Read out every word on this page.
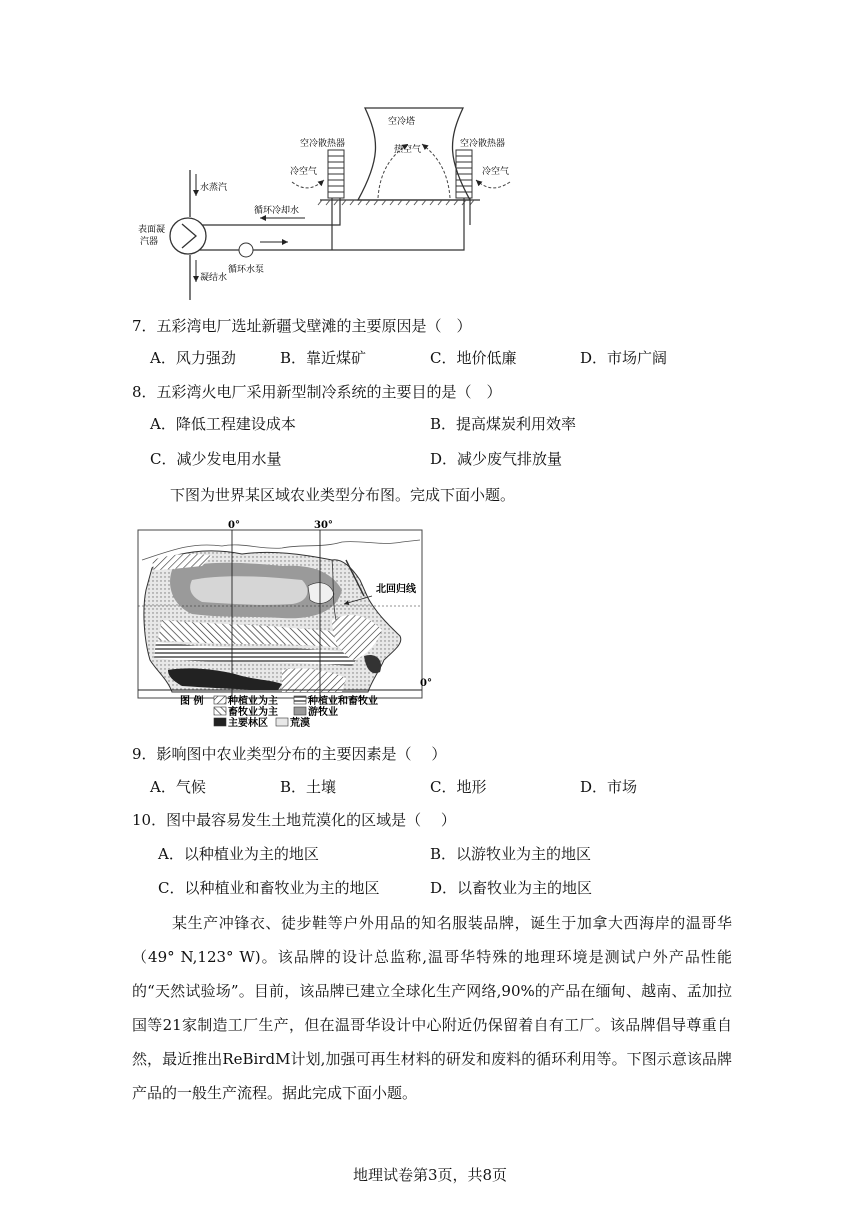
空冷塔
热空气
空冷散热器	空冷散热器
冷空气	冷空气
循环冷却水
循环水泵
表面凝
汽器
水蒸汽
凝结水
7．五彩湾电厂选址新疆戈壁滩的主要原因是（　）
A．风力强劲	B．靠近煤矿	C．地价低廉	D．市场广阔
8．五彩湾火电厂采用新型制冷系统的主要目的是（　）
A．降低工程建设成本	B．提高煤炭利用效率
C．减少发电用水量	D．减少废气排放量
下图为世界某区域农业类型分布图。完成下面小题。
0°	30°
北回归线
0°
图 例 种植业为主	种植业和畜牧业
畜牧业为主	游牧业
主要林区 荒漠
9．影响图中农业类型分布的主要因素是（　 ）
A．气候	B．土壤	C．地形	D．市场
10．图中最容易发生土地荒漠化的区域是（　 ）
A．以种植业为主的地区	B．以游牧业为主的地区
C．以种植业和畜牧业为主的地区	D．以畜牧业为主的地区
某生产冲锋衣、徒步鞋等户外用品的知名服装品牌，诞生于加拿大西海岸的温哥华（49° N,123° W)。该品牌的设计总监称,温哥华特殊的地理环境是测试户外产品性能的“天然试验场”。目前，该品牌已建立全球化生产网络,90%的产品在缅甸、越南、孟加拉国等21家制造工厂生产，但在温哥华设计中心附近仍保留着自有工厂。该品牌倡导尊重自然，最近推出ReBirdM计划,加强可再生材料的研发和废料的循环利用等。下图示意该品牌产品的一般生产流程。据此完成下面小题。
地理试卷第3页，共8页
